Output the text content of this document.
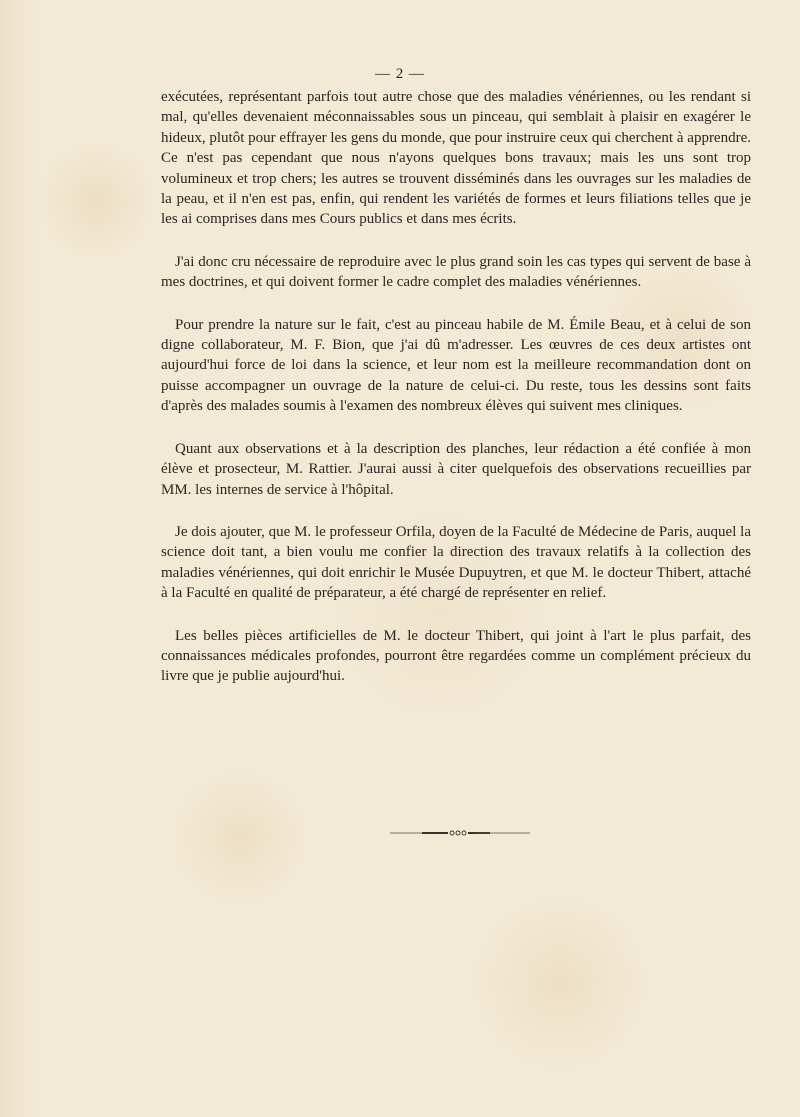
— 2 —

exécutées, représentant parfois tout autre chose que des maladies vénériennes, ou les rendant si mal, qu'elles devenaient méconnaissables sous un pinceau, qui semblait à plaisir en exagérer le hideux, plutôt pour effrayer les gens du monde, que pour instruire ceux qui cherchent à apprendre. Ce n'est pas cependant que nous n'ayons quelques bons travaux; mais les uns sont trop volumineux et trop chers; les autres se trouvent disséminés dans les ouvrages sur les maladies de la peau, et il n'en est pas, enfin, qui rendent les variétés de formes et leurs filiations telles que je les ai comprises dans mes Cours publics et dans mes écrits.

J'ai donc cru nécessaire de reproduire avec le plus grand soin les cas types qui servent de base à mes doctrines, et qui doivent former le cadre complet des maladies vénériennes.

Pour prendre la nature sur le fait, c'est au pinceau habile de M. Émile Beau, et à celui de son digne collaborateur, M. F. Bion, que j'ai dû m'adresser. Les œuvres de ces deux artistes ont aujourd'hui force de loi dans la science, et leur nom est la meilleure recommandation dont on puisse accompagner un ouvrage de la nature de celui-ci. Du reste, tous les dessins sont faits d'après des malades soumis à l'examen des nombreux élèves qui suivent mes cliniques.

Quant aux observations et à la description des planches, leur rédaction a été confiée à mon élève et prosecteur, M. Rattier. J'aurai aussi à citer quelquefois des observations recueillies par MM. les internes de service à l'hôpital.

Je dois ajouter, que M. le professeur Orfila, doyen de la Faculté de Médecine de Paris, auquel la science doit tant, a bien voulu me confier la direction des travaux relatifs à la collection des maladies vénériennes, qui doit enrichir le Musée Dupuytren, et que M. le docteur Thibert, attaché à la Faculté en qualité de préparateur, a été chargé de représenter en relief.

Les belles pièces artificielles de M. le docteur Thibert, qui joint à l'art le plus parfait, des connaissances médicales profondes, pourront être regardées comme un complément précieux du livre que je publie aujourd'hui.
